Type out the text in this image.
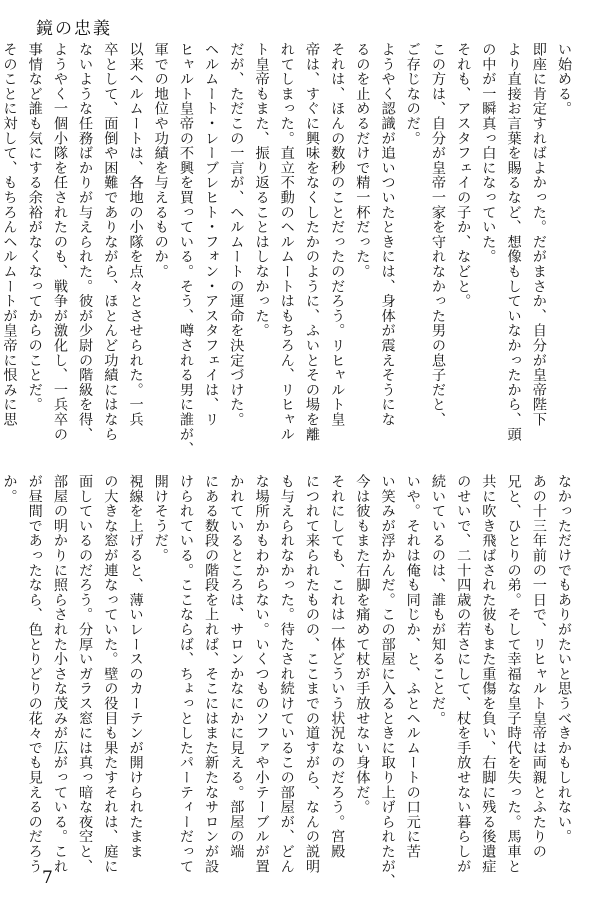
鏡の忠義
い始める。
即座に肯定すればよかった。だがまさか、自分が皇帝陛下
より直接お言葉を賜るなど、想像もしていなかったから、頭
の中が一瞬真っ白になっていた。
それも、アスタフェイの子か、などと。
この方は、自分が皇帝一家を守れなかった男の息子だと、
ご存じなのだ。
ようやく認識が追いついたときには、身体が震えそうにな
るのを止めるだけで精一杯だった。
それは、ほんの数秒のことだったのだろう。リヒャルト皇
帝は、すぐに興味をなくしたかのように、ふいとその場を離
れてしまった。直立不動のヘルムートはもちろん、リヒャル
ト皇帝もまた、振り返ることはしなかった。
だが、ただこの一言が、ヘルムートの運命を決定づけた。
ヘルムート・レーブレヒト・フォン・アスタフェイは、リ
ヒャルト皇帝の不興を買っている。そう、噂される男に誰が、
軍での地位や功績を与えるものか。
以来ヘルムートは、各地の小隊を点々とさせられた。一兵
卒として、面倒や困難でありながら、ほとんど功績にはなら
ないような任務ばかりが与えられた。彼が少尉の階級を得、
ようやく一個小隊を任されたのも、戦争が激化し、一兵卒の
事情など誰も気にする余裕がなくなってからのことだ。
そのことに対して、もちろんヘルムートが皇帝に恨みに思
なかっただけでもありがたいと思うべきかもしれない。
あの十三年前の一日で、リヒャルト皇帝は両親とふたりの
兄と、ひとりの弟。そして幸福な皇子時代を失った。馬車と
共に吹き飛ばされた彼もまた重傷を負い、右脚に残る後遺症
のせいで、二十四歳の若さにして、杖を手放せない暮らしが
続いているのは、誰もが知ることだ。
いや。それは俺も同じか、と、ふとヘルムートの口元に苦
い笑みが浮かんだ。この部屋に入るときに取り上げられたが、
今は彼もまた右脚を痛めて杖が手放せない身体だ。
それにしても、これは一体どういう状況なのだろう。宮殿
につれて来られたものの、ここまでの道すがら、なんの説明
も与えられなかった。待たされ続けているこの部屋が、どん
な場所かもわからない。いくつものソファや小テーブルが置
かれているところは、サロンかなにかに見える。部屋の端
にある数段の階段を上れば、そこにはまた新たなサロンが設
けられている。ここならば、ちょっとしたパーティーだって
開けそうだ。
視線を上げると、薄いレースのカーテンが開けられたまま
の大きな窓が連なっていた。壁の役目も果たすそれは、庭に
面しているのだろう。分厚いガラス窓には真っ暗な夜空と、
部屋の明かりに照らされた小さな茂みが広がっている。これ
が昼間であったなら、色とりどりの花々でも見えるのだろう
か。
7
